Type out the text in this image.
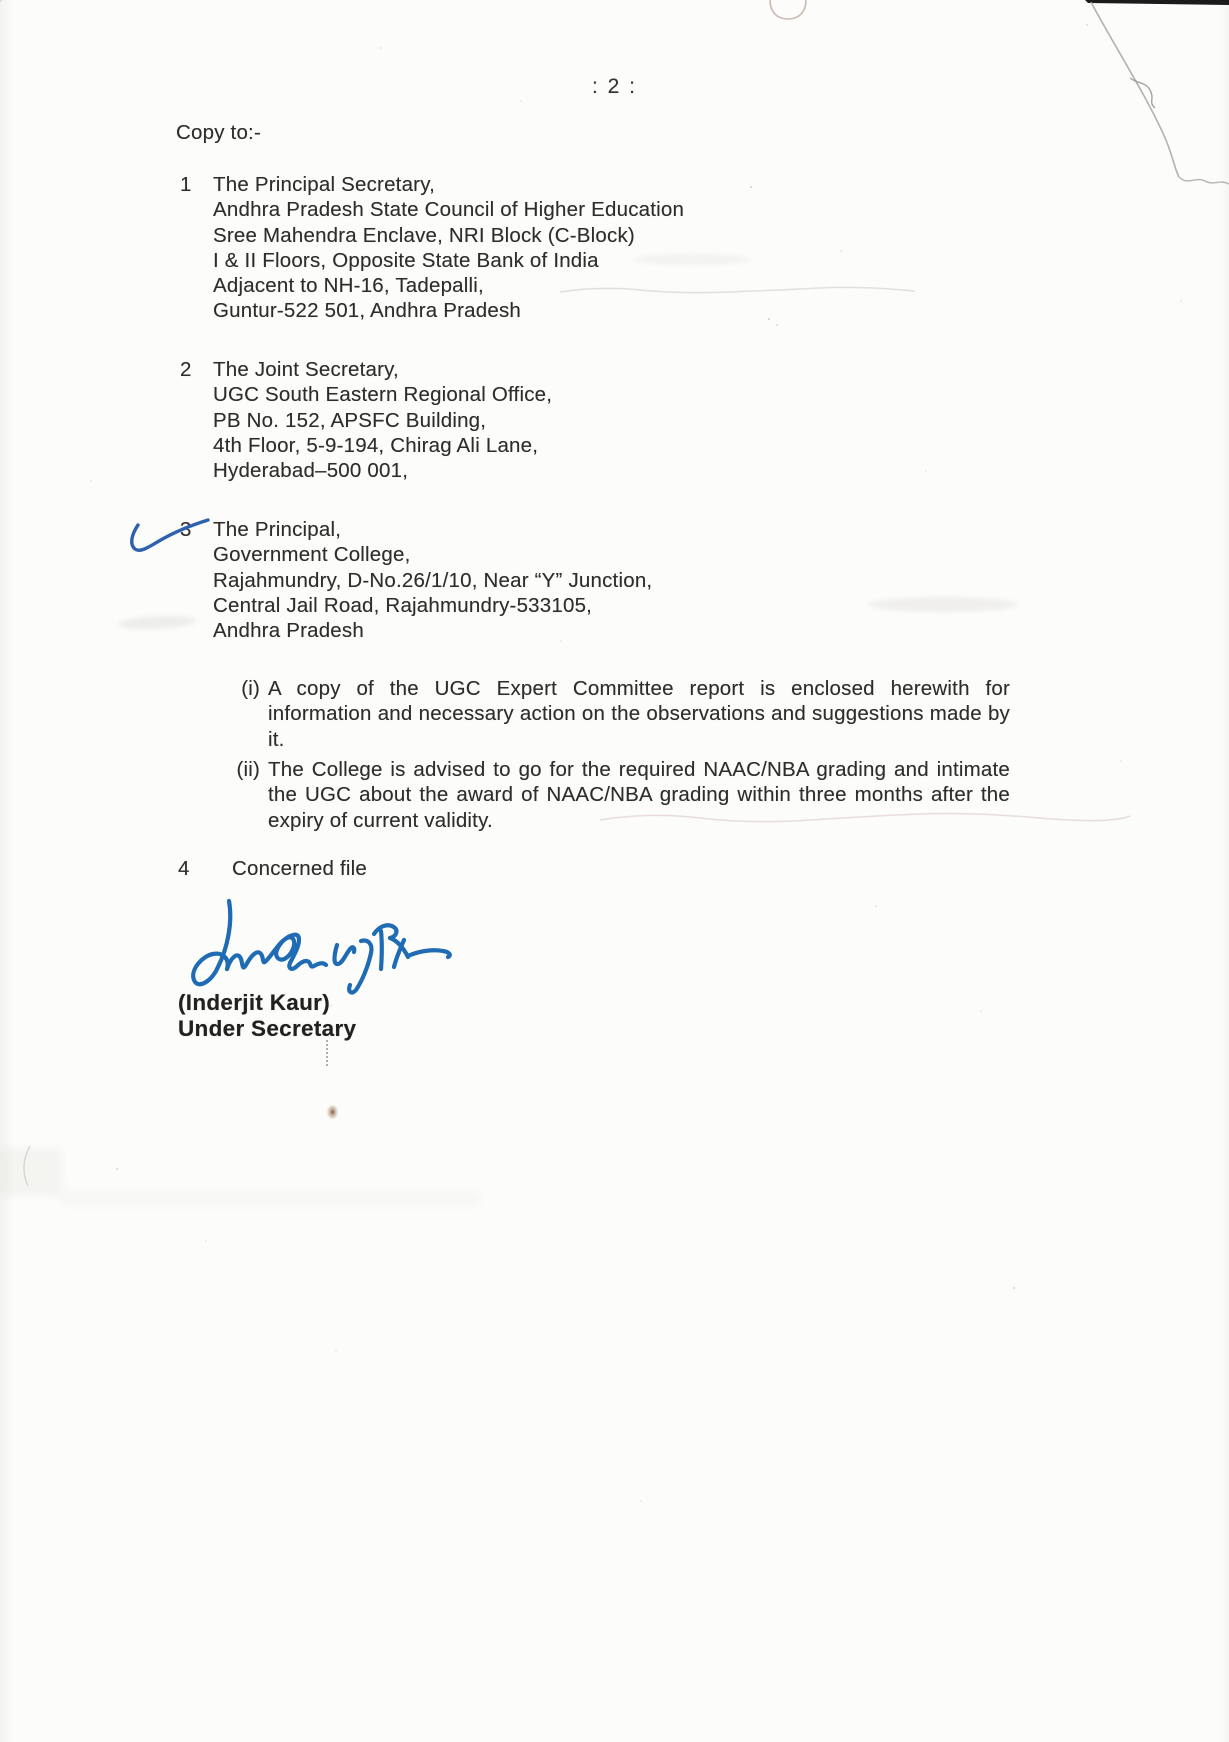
: 2 :
Copy to:-
1	The Principal Secretary,
Andhra Pradesh State Council of Higher Education
Sree Mahendra Enclave, NRI Block (C-Block)
I & II Floors, Opposite State Bank of India
Adjacent to NH-16, Tadepalli,
Guntur-522 501, Andhra Pradesh
2	The Joint Secretary,
UGC South Eastern Regional Office,
PB No. 152, APSFC Building,
4th Floor, 5-9-194, Chirag Ali Lane,
Hyderabad–500 001,
3	The Principal,
Government College,
Rajahmundry, D-No.26/1/10, Near “Y” Junction,
Central Jail Road, Rajahmundry-533105,
Andhra Pradesh
(i) A copy of the UGC Expert Committee report is enclosed herewith for information and necessary action on the observations and suggestions made by it.
(ii) The College is advised to go for the required NAAC/NBA grading and intimate the UGC about the award of NAAC/NBA grading within three months after the expiry of current validity.
4	Concerned file
(Inderjit Kaur)
Under Secretary
